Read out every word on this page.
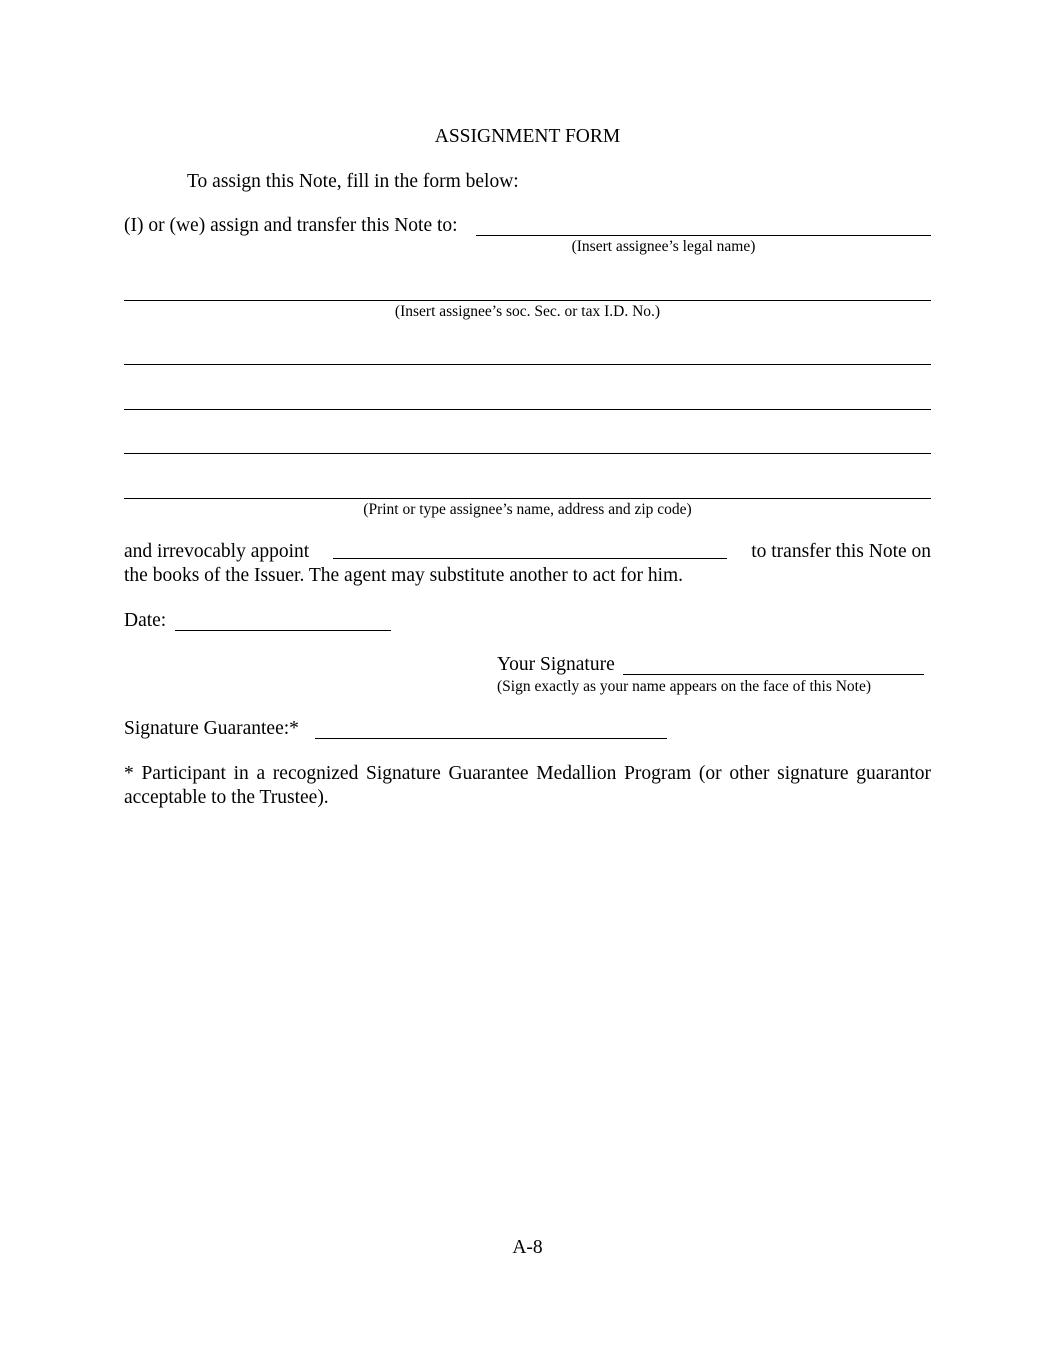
ASSIGNMENT FORM
To assign this Note, fill in the form below:
(I) or (we) assign and transfer this Note to:
(Insert assignee’s legal name)
(Insert assignee’s soc. Sec. or tax I.D. No.)
(Print or type assignee’s name, address and zip code)
and irrevocably appoint	to transfer this Note on
the books of the Issuer. The agent may substitute another to act for him.
Date:
Your Signature
(Sign exactly as your name appears on the face of this Note)
Signature Guarantee:*
* Participant in a recognized Signature Guarantee Medallion Program (or other signature guarantor acceptable to the Trustee).
A-8
